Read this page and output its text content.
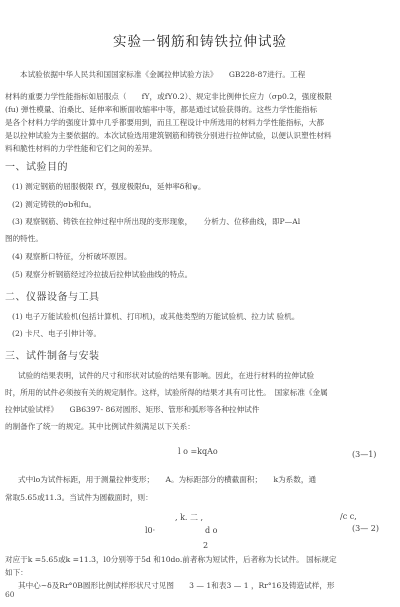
实验一钢筋和铸铁拉伸试验
本试验依据中华人民共和国国家标准《金属拉伸试验方法》　　GB228-87进行。工程
材料的重要力学性能指标如屈服点（　　fY，或fY0.2）、规定非比例伸长应力（σp0.2，强度极限
(fu) 弹性模量、泊桑比、延伸率和断面收缩率中等，都是通过试验获得的。这些力学性能指标
是各个材料力学的强度计算中几乎都要用到，而且工程设计中所选用的材料力学性能指标，大都
是以拉伸试验为主要依据的。本次试验选用建筑钢筋和铸铁分别进行拉伸试验，以便认识塑性材料
料和脆性材料的力学性能和它们之间的差异。
一、试验目的
(1) 测定钢筋的屈服极限 fY，强度极限fu，延伸率δ和ψ。
(2) 测定铸铁的σb和fu。
(3) 观察钢筋、铸铁在拉伸过程中所出现的变形现象，　　分析力、位移曲线，即P—Al
图的特性。
(4) 观察断口特征，分析破坏原因。
(5) 观察分析钢筋经过冷拉拔后拉伸试验曲线的特点。
二、仪器设备与工具
(1) 电子万能试验机(包括计算机、打印机)，或其他类型的万能试验机、拉力试 验机。
(2) 卡尺、电子引伸计等。
三、试件制备与安装
试验的结果表明，试件的尺寸和形状对试验的结果有影响。因此，在进行材料的拉伸试验
时，所用的试件必须按有关的规定制作。这样，试验所得的结果才具有可比性。　国家标准《金属
拉伸试验试样》　　GB6397- 86对圆形、矩形、管形和弧形等各种拉伸试件
的制备作了统一的规定。其中比例试件须满足以下关系：
l o =kqAo	(3—1)
式中lo为试件标距，用于测量拉伸变形；　　A。为标距部分的横截面积；　　k为系数，通
常取5.65或11.3。当试件为圆截面时，则：
, k. 二 ,	/c c,
l0·	d o	(3— 2)
2
对应于k =5.65或k =11.3，l0分别等于5d 和10do.前者称为短试件，后者称为长试件。 国标规定
如下：
其中心~δ及Rr°0B圆形比例试样形状尺寸见图　　3 — 1和表3 — 1 ，Rr°16及铸造试样，形
60
